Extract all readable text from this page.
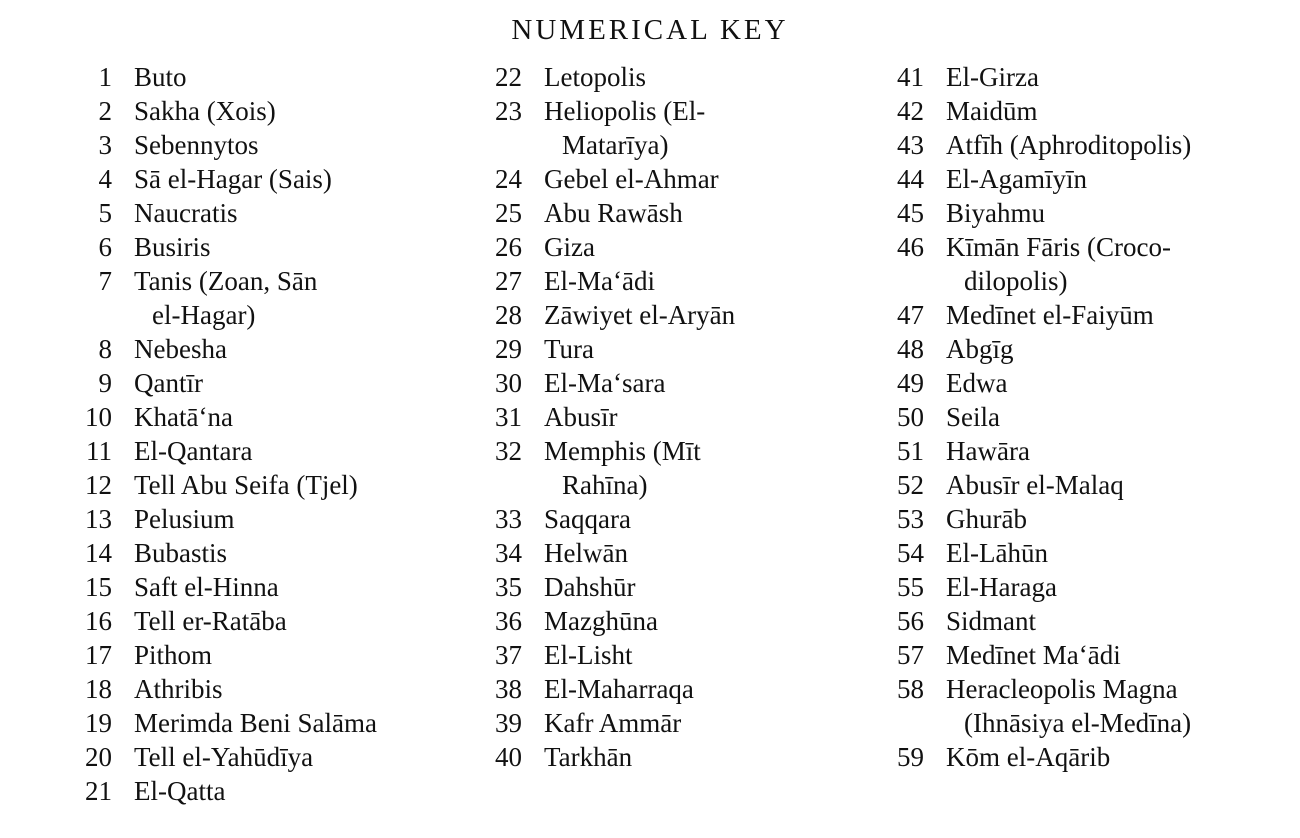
NUMERICAL KEY
1 Buto
2 Sakha (Xois)
3 Sebennytos
4 Sā el-Hagar (Sais)
5 Naucratis
6 Busiris
7 Tanis (Zoan, Sān
el-Hagar)
8 Nebesha
9 Qantīr
10 Khatā‘na
11 El-Qantara
12 Tell Abu Seifa (Tjel)
13 Pelusium
14 Bubastis
15 Saft el-Hinna
16 Tell er-Ratāba
17 Pithom
18 Athribis
19 Merimda Beni Salāma
20 Tell el-Yahūdīya
21 El-Qatta
22 Letopolis
23 Heliopolis (El-
Matarīya)
24 Gebel el-Ahmar
25 Abu Rawāsh
26 Giza
27 El-Ma‘ādi
28 Zāwiyet el-Aryān
29 Tura
30 El-Ma‘sara
31 Abusīr
32 Memphis (Mīt
Rahīna)
33 Saqqara
34 Helwān
35 Dahshūr
36 Mazghūna
37 El-Lisht
38 El-Maharraqa
39 Kafr Ammār
40 Tarkhān
41 El-Girza
42 Maidūm
43 Atfīh (Aphroditopolis)
44 El-Agamīyīn
45 Biyahmu
46 Kīmān Fāris (Croco-
dilopolis)
47 Medīnet el-Faiyūm
48 Abgīg
49 Edwa
50 Seila
51 Hawāra
52 Abusīr el-Malaq
53 Ghurāb
54 El-Lāhūn
55 El-Haraga
56 Sidmant
57 Medīnet Ma‘ādi
58 Heracleopolis Magna
(Ihnāsiya el-Medīna)
59 Kōm el-Aqārib
